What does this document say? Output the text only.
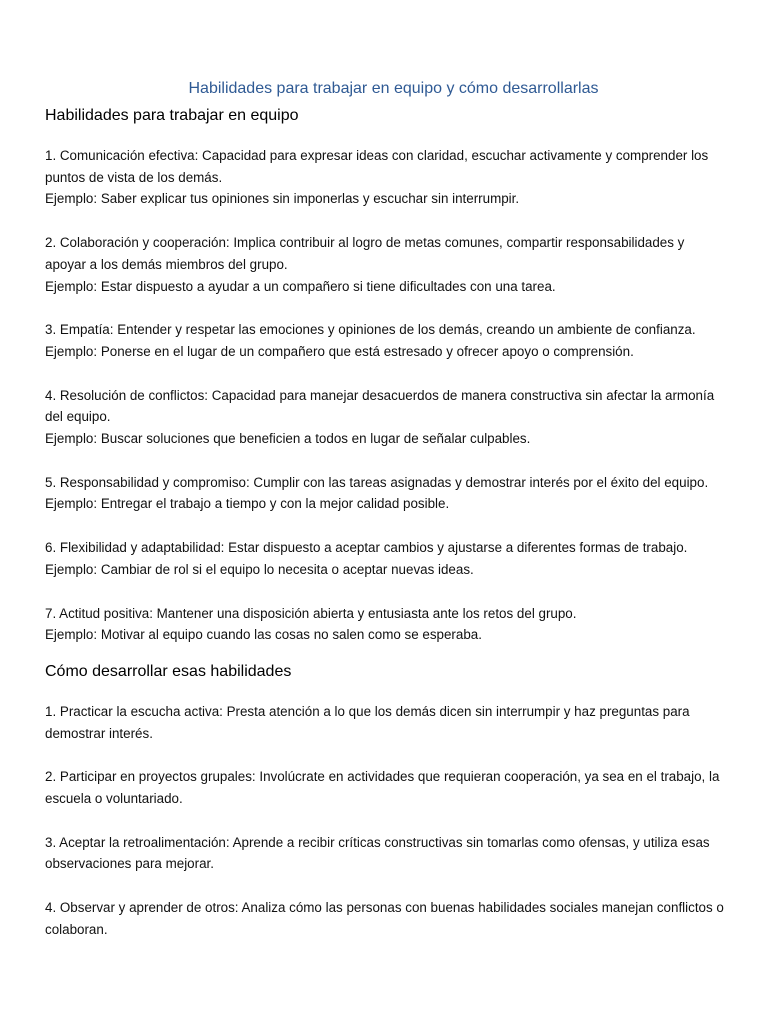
Habilidades para trabajar en equipo y cómo desarrollarlas
Habilidades para trabajar en equipo

1. Comunicación efectiva: Capacidad para expresar ideas con claridad, escuchar activamente y comprender los puntos de vista de los demás.

Ejemplo: Saber explicar tus opiniones sin imponerlas y escuchar sin interrumpir.

2. Colaboración y cooperación: Implica contribuir al logro de metas comunes, compartir responsabilidades y apoyar a los demás miembros del grupo.

Ejemplo: Estar dispuesto a ayudar a un compañero si tiene dificultades con una tarea.

3. Empatía: Entender y respetar las emociones y opiniones de los demás, creando un ambiente de confianza.

Ejemplo: Ponerse en el lugar de un compañero que está estresado y ofrecer apoyo o comprensión.

4. Resolución de conflictos: Capacidad para manejar desacuerdos de manera constructiva sin afectar la armonía del equipo.

Ejemplo: Buscar soluciones que beneficien a todos en lugar de señalar culpables.

5. Responsabilidad y compromiso: Cumplir con las tareas asignadas y demostrar interés por el éxito del equipo.

Ejemplo: Entregar el trabajo a tiempo y con la mejor calidad posible.

6. Flexibilidad y adaptabilidad: Estar dispuesto a aceptar cambios y ajustarse a diferentes formas de trabajo.

Ejemplo: Cambiar de rol si el equipo lo necesita o aceptar nuevas ideas.

7. Actitud positiva: Mantener una disposición abierta y entusiasta ante los retos del grupo.

Ejemplo: Motivar al equipo cuando las cosas no salen como se esperaba.

Cómo desarrollar esas habilidades

1. Practicar la escucha activa: Presta atención a lo que los demás dicen sin interrumpir y haz preguntas para demostrar interés.

2. Participar en proyectos grupales: Involúcrate en actividades que requieran cooperación, ya sea en el trabajo, la escuela o voluntariado.

3. Aceptar la retroalimentación: Aprende a recibir críticas constructivas sin tomarlas como ofensas, y utiliza esas observaciones para mejorar.

4. Observar y aprender de otros: Analiza cómo las personas con buenas habilidades sociales manejan conflictos o colaboran.
